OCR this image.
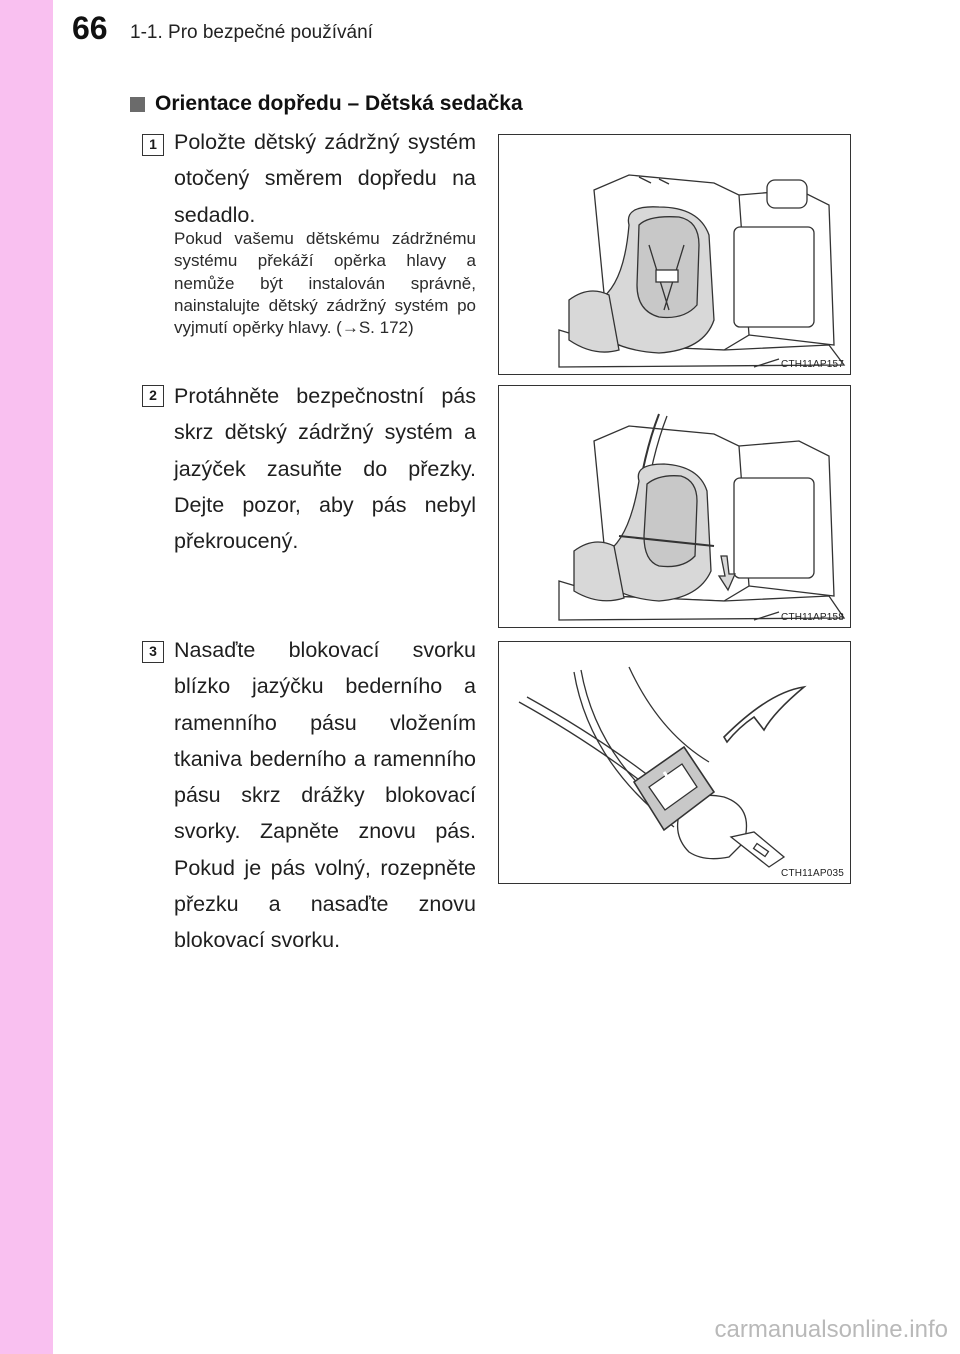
66 1-1. Pro bezpečné používání
Orientace dopředu – Dětská sedačka
1 Položte dětský zádržný systém otočený směrem dopředu na sedadlo.
Pokud vašemu dětskému zádržnému systému překáží opěrka hlavy a nemůže být instalován správně, nainstalujte dětský zádržný systém po vyjmutí opěrky hlavy. (→S. 172)
CTH11AP157
2 Protáhněte bezpečnostní pás skrz dětský zádržný systém a jazýček zasuňte do přezky. Dejte pozor, aby pás nebyl překroucený.
CTH11AP158
3 Nasaďte blokovací svorku blízko jazýčku bederního a ramenního pásu vložením tkaniva bederního a ramenního pásu skrz drážky blokovací svorky. Zapněte znovu pás. Pokud je pás volný, rozepněte přezku a nasaďte znovu blokovací svorku.
CTH11AP035
carmanualsonline.info
